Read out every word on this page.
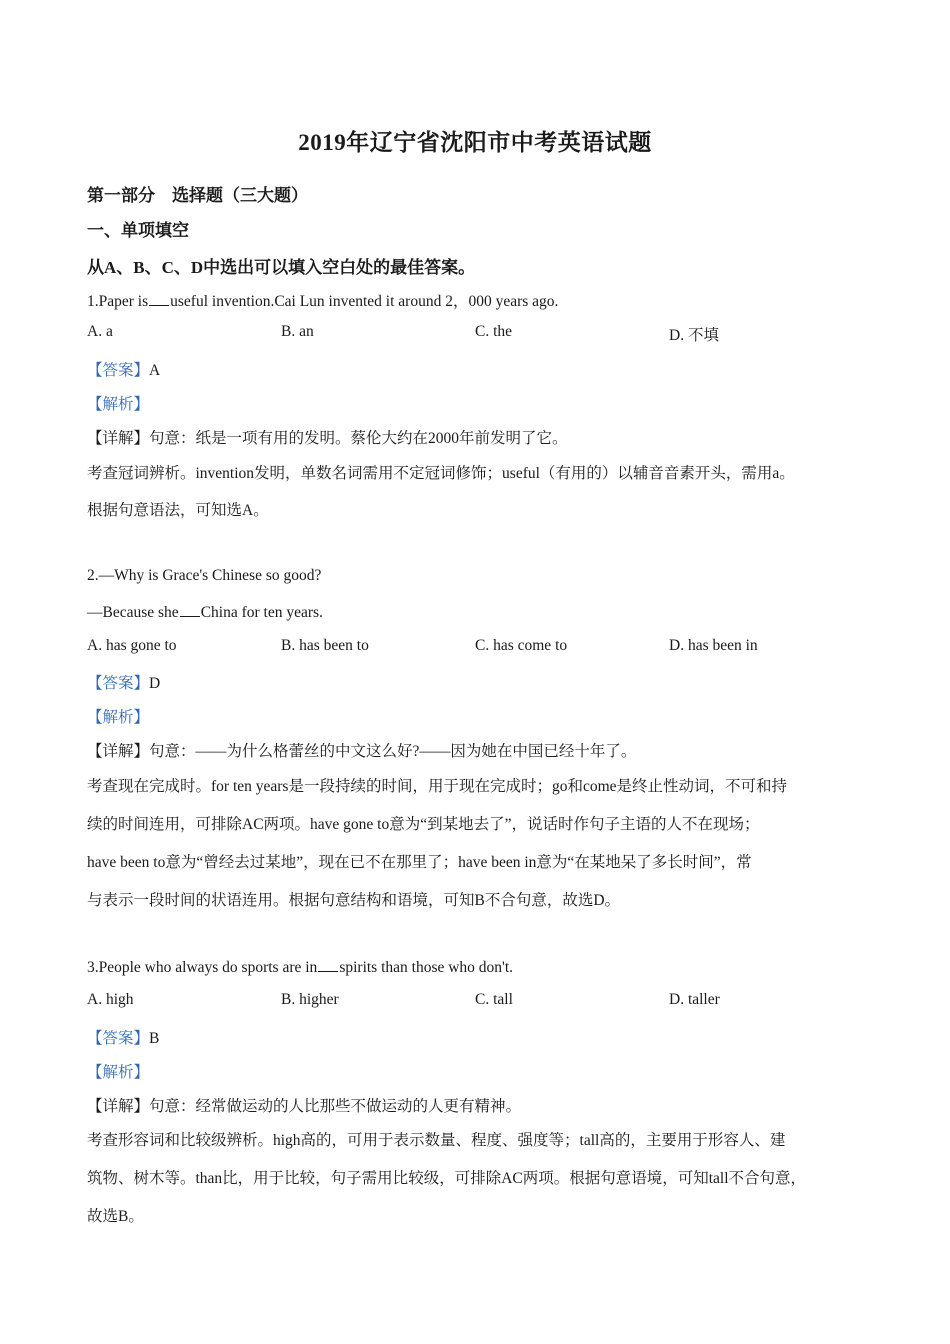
2019年辽宁省沈阳市中考英语试题
第一部分　选择题（三大题）
一、单项填空
从A、B、C、D中选出可以填入空白处的最佳答案。
1.Paper is useful invention.Cai Lun invented it around 2，000 years ago.
A. a	B. an	C. the	D. 不填
【答案】A
【解析】
【详解】句意：纸是一项有用的发明。蔡伦大约在2000年前发明了它。
考查冠词辨析。invention发明，单数名词需用不定冠词修饰；useful（有用的）以辅音音素开头，需用a。
根据句意语法，可知选A。
2.—Why is Grace's Chinese so good?
—Because she China for ten years.
A. has gone to	B. has been to	C. has come to	D. has been in
【答案】D
【解析】
【详解】句意：——为什么格蕾丝的中文这么好?——因为她在中国已经十年了。
考查现在完成时。for ten years是一段持续的时间，用于现在完成时；go和come是终止性动词，不可和持
续的时间连用，可排除AC两项。have gone to意为“到某地去了”，说话时作句子主语的人不在现场；
have been to意为“曾经去过某地”，现在已不在那里了；have been in意为“在某地呆了多长时间”，常
与表示一段时间的状语连用。根据句意结构和语境，可知B不合句意，故选D。
3.People who always do sports are in spirits than those who don't.
A. high	B. higher	C. tall	D. taller
【答案】B
【解析】
【详解】句意：经常做运动的人比那些不做运动的人更有精神。
考查形容词和比较级辨析。high高的，可用于表示数量、程度、强度等；tall高的，主要用于形容人、建
筑物、树木等。than比，用于比较，句子需用比较级，可排除AC两项。根据句意语境，可知tall不合句意，
故选B。
